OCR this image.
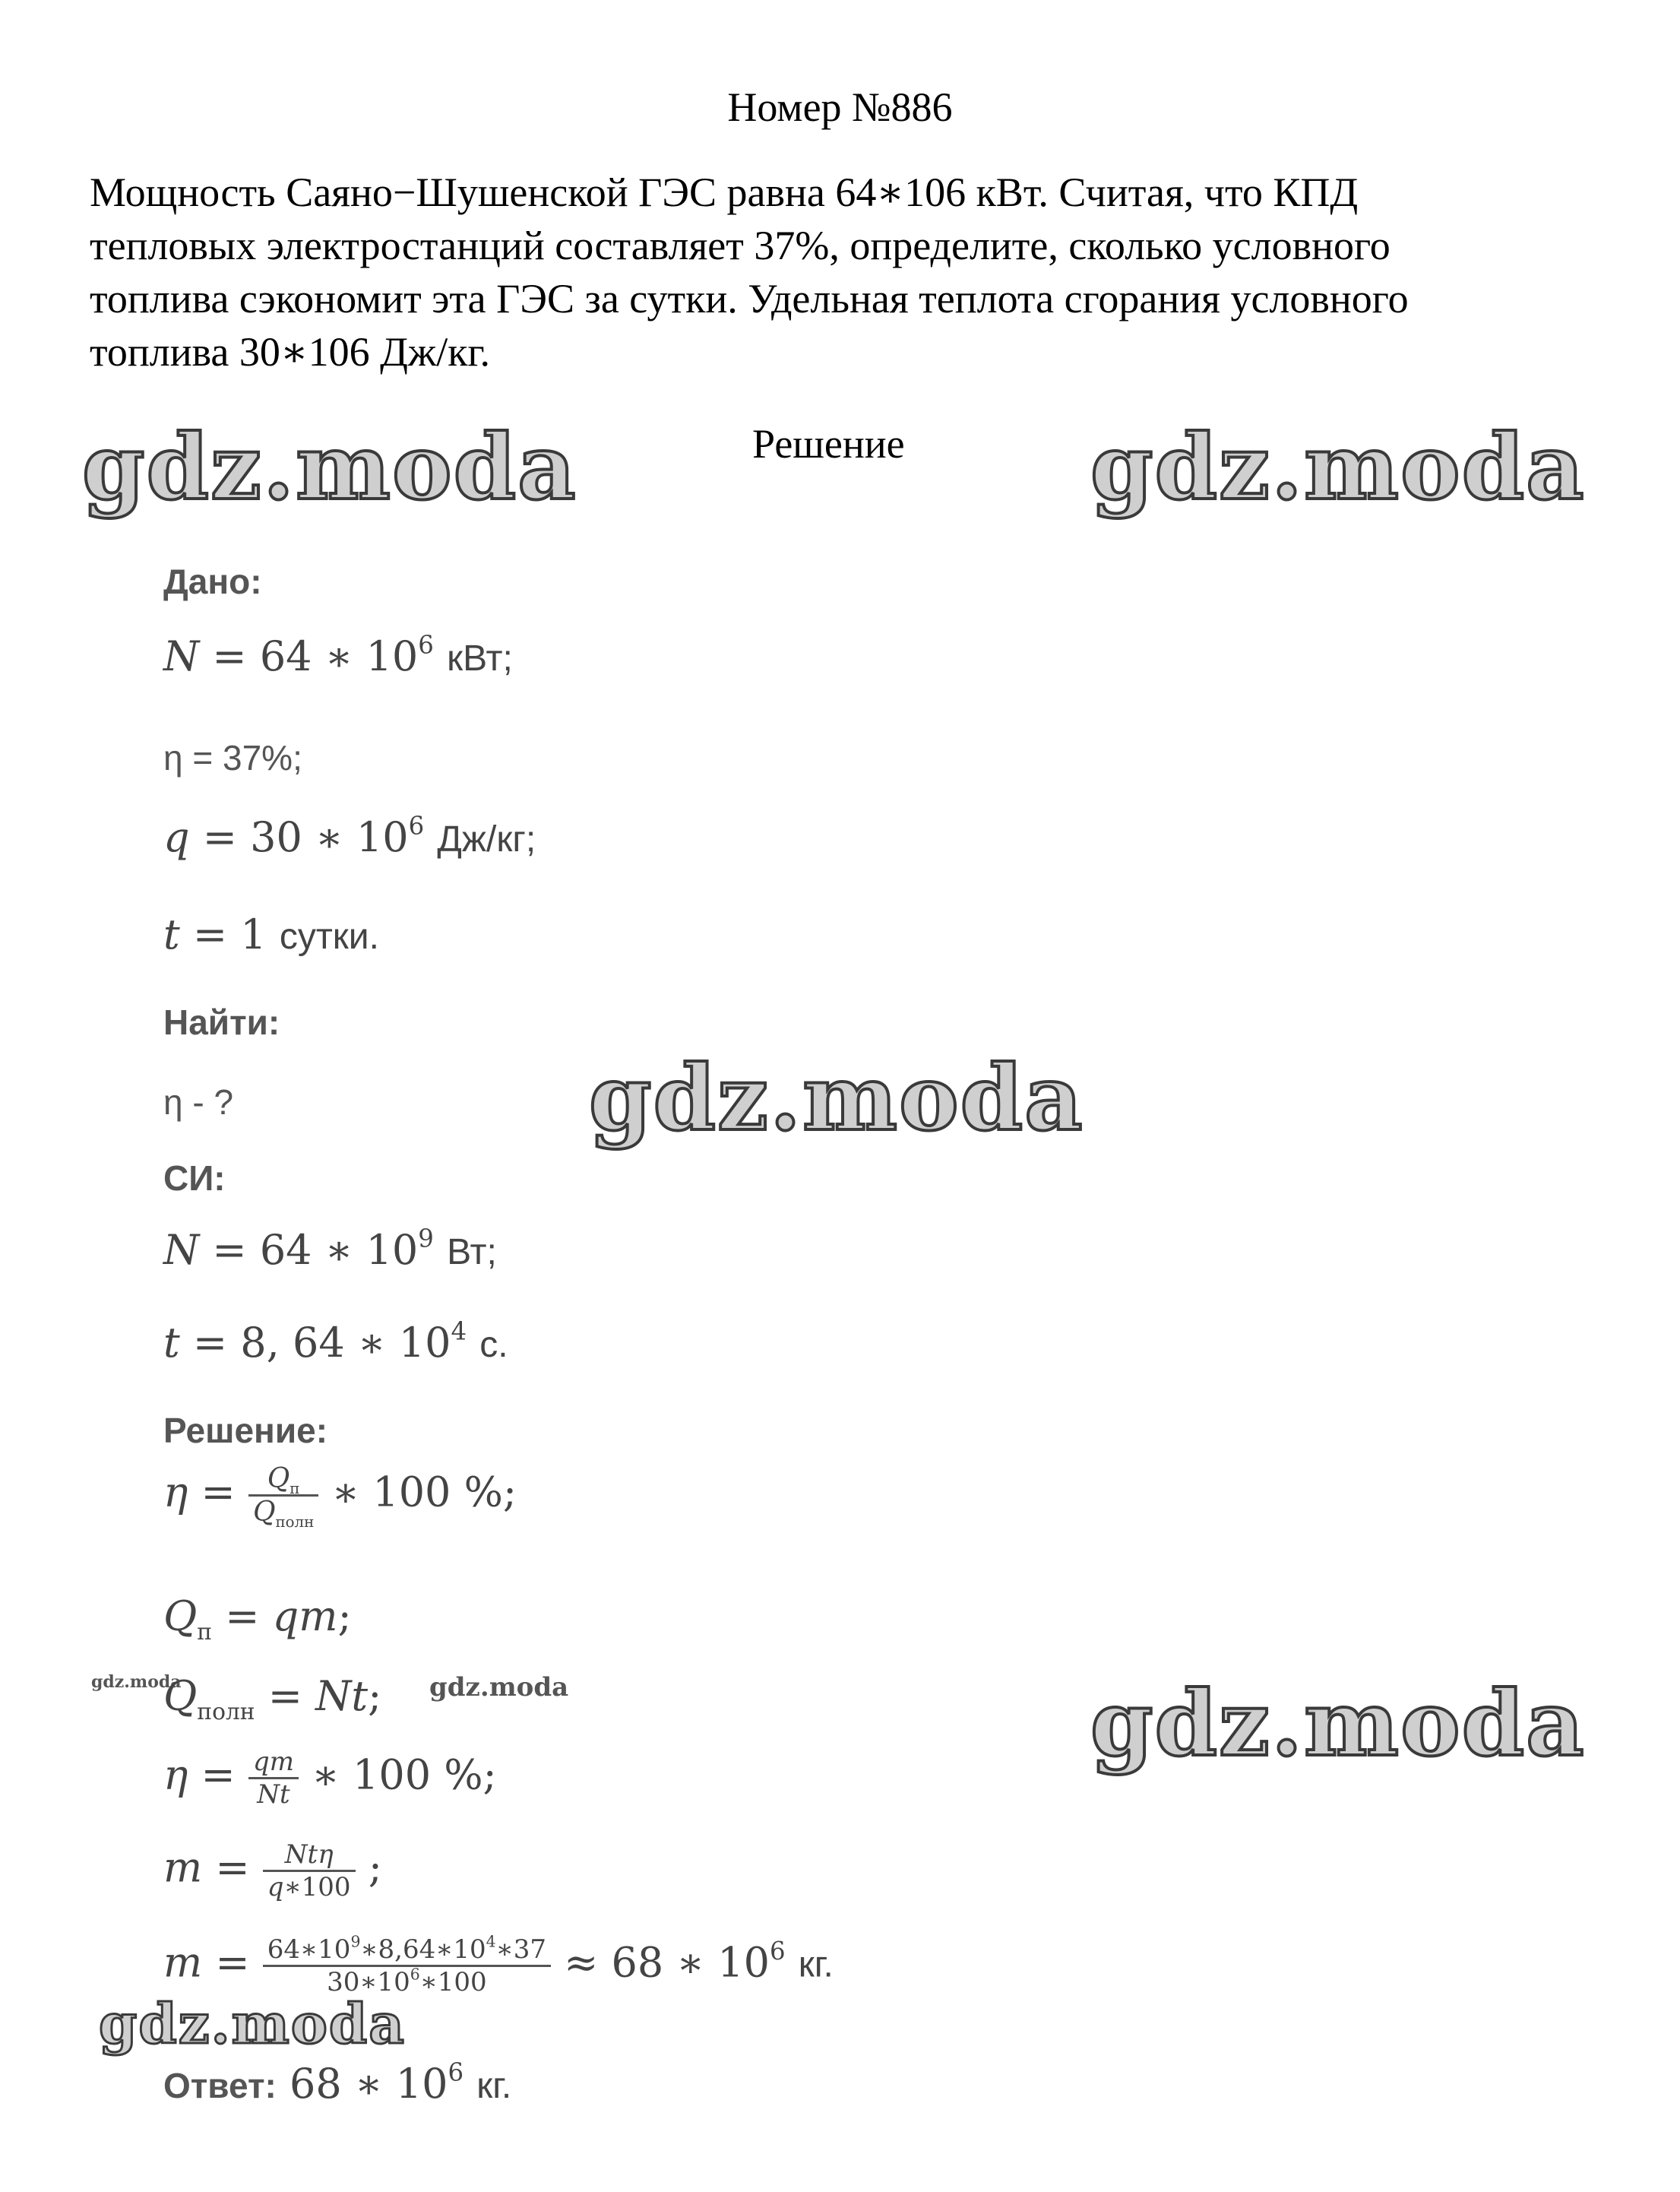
Номер №886

Мощность Саяно−Шушенской ГЭС равна 64∗106 кВт. Считая, что КПД

тепловых электростанций составляет 37%, определите, сколько условного

топлива сэкономит эта ГЭС за сутки. Удельная теплота сгорания условного

топлива 30∗106 Дж/кг.

Решение
gdz.moda	gdz.moda
gdz.moda
gdz.moda
gdz.moda
gdz.moda	gdz.moda
Дано:
N = 64 ∗ $10^6$ кВт;
η = 37%;
q = 30 ∗ $10^6$ Дж/кг;
t = 1 сутки.
Найти:
η - ?
СИ:
N = 64 ∗ $10^9$ Вт;
t = 8, 64 ∗ $10^4$ с.
Решение:
$\eta = \frac{Q_п}{Q_{полн}}$ ∗ 100 %;
$Q_п$ = qm;
$Q_{полн} = Nt$;
$\eta = \frac{qm}{Nt}$ ∗ 100 %;
$m = \frac{\text{Ntη}}{q∗100}$ ;
$m = \frac{64∗10^9∗8,64∗10^4∗37}{30∗10^6∗100} \approx 68$ ∗ $10^6$ кг.
Ответ: 68 ∗ $10^6$ кг.
